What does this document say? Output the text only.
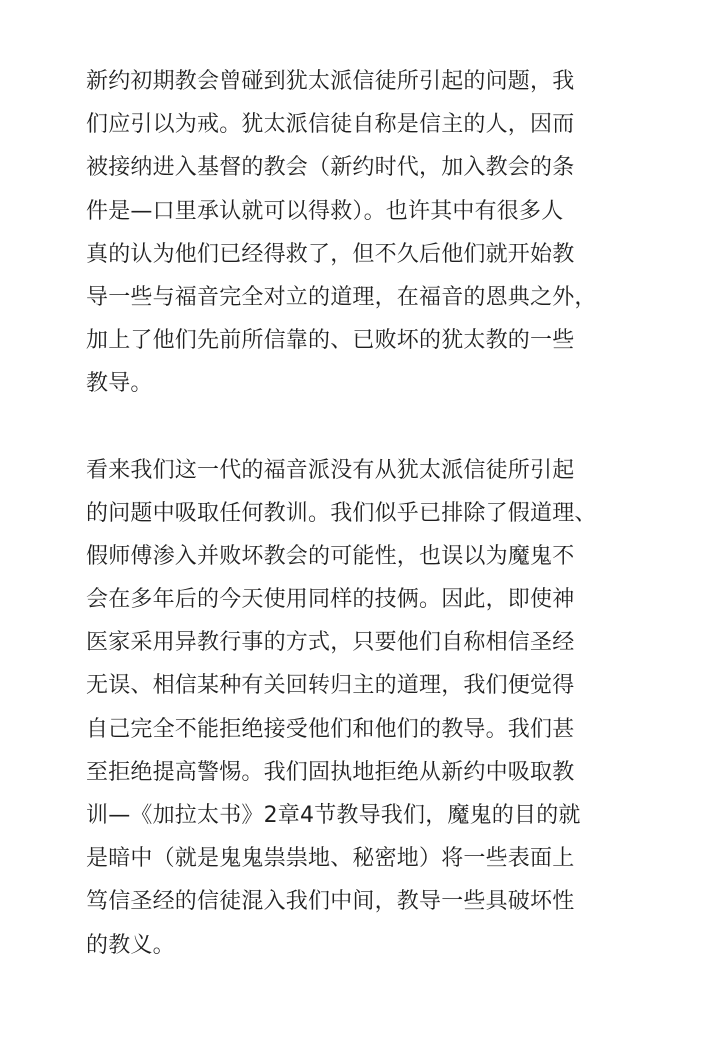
新约初期教会曾碰到犹太派信徒所引起的问题，我
们应引以为戒。犹太派信徒自称是信主的人，因而
被接纳进入基督的教会（新约时代，加入教会的条
件是—口里承认就可以得救）。也许其中有很多人
真的认为他们已经得救了，但不久后他们就开始教
导一些与福音完全对立的道理，在福音的恩典之外，
加上了他们先前所信靠的、已败坏的犹太教的一些
教导。
看来我们这一代的福音派没有从犹太派信徒所引起
的问题中吸取任何教训。我们似乎已排除了假道理、
假师傅渗入并败坏教会的可能性，也误以为魔鬼不
会在多年后的今天使用同样的技俩。因此，即使神
医家采用异教行事的方式，只要他们自称相信圣经
无误、相信某种有关回转归主的道理，我们便觉得
自己完全不能拒绝接受他们和他们的教导。我们甚
至拒绝提高警惕。我们固执地拒绝从新约中吸取教
训—《加拉太书》2章4节教导我们，魔鬼的目的就
是暗中（就是鬼鬼祟祟地、秘密地）将一些表面上
笃信圣经的信徒混入我们中间，教导一些具破坏性
的教义。
